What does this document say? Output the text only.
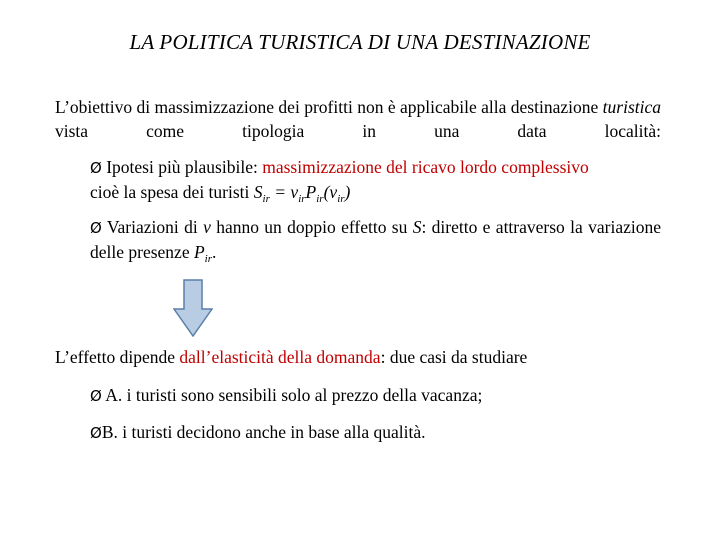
LA POLITICA TURISTICA DI UNA DESTINAZIONE
L’obiettivo di massimizzazione dei profitti non è applicabile alla destinazione turistica vista come tipologia in una data località:
Ø Ipotesi più plausibile: massimizzazione del ricavo lordo complessivo
cioè la spesa dei turisti $S_{ir} = v_{ir}P_{ir}(v_{ir})$
Ø Variazioni di v hanno un doppio effetto su S: diretto e attraverso la variazione delle presenze $P_{ir}$.
L’effetto dipende dall’elasticità della domanda: due casi da studiare
Ø A. i turisti sono sensibili solo al prezzo della vacanza;
ØB. i turisti decidono anche in base alla qualità.
